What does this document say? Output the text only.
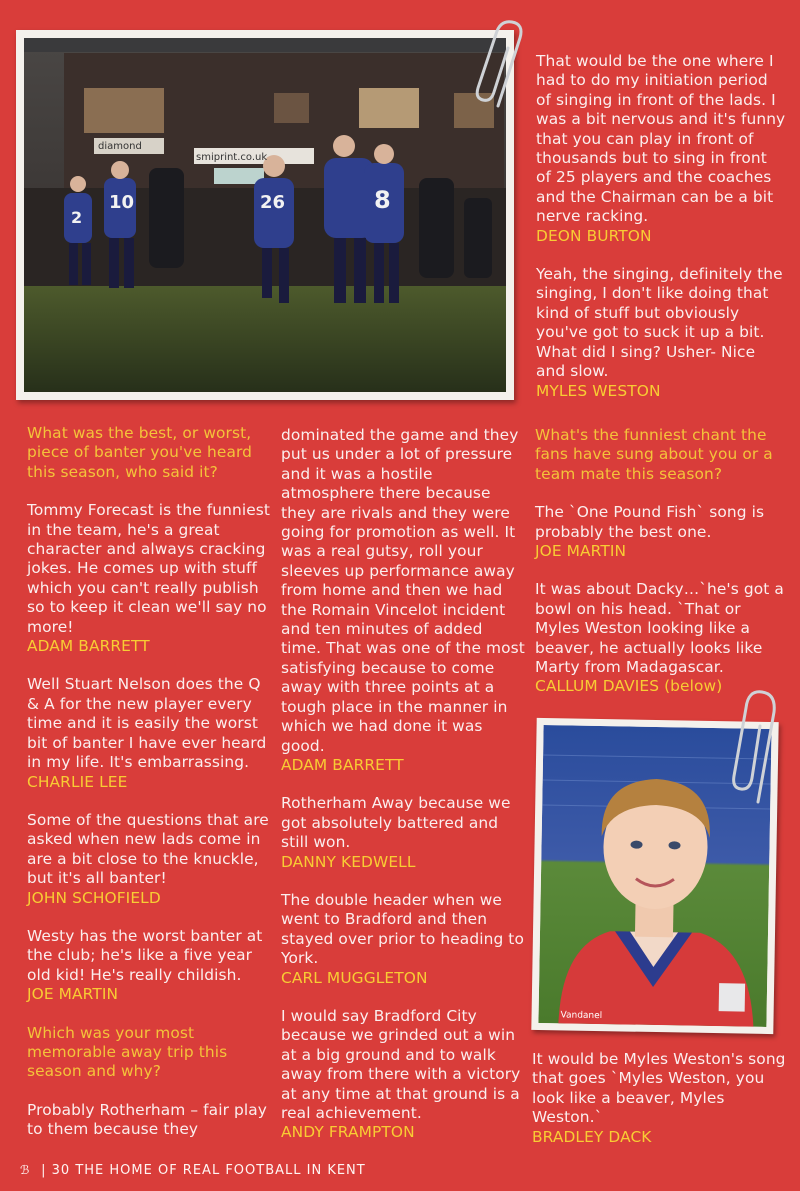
2
10	26	8
diamond
smiprint.co.uk

What was the best, or worst, piece of banter you've heard this season, who said it?

Tommy Forecast is the funniest in the team, he's a great character and always cracking jokes. He comes up with stuff which you can't really publish so to keep it clean we'll say no more!
ADAM BARRETT

Well Stuart Nelson does the Q & A for the new player every time and it is easily the worst bit of banter I have ever heard in my life. It's embarrassing.
CHARLIE LEE

Some of the questions that are asked when new lads come in are a bit close to the knuckle, but it's all banter!
JOHN SCHOFIELD

Westy has the worst banter at the club; he's like a five year old kid! He's really childish.
JOE MARTIN

Which was your most memorable away trip this season and why?

Probably Rotherham – fair play to them because they

dominated the game and they put us under a lot of pressure and it was a hostile atmosphere there because they are rivals and they were going for promotion as well. It was a real gutsy, roll your sleeves up performance away from home and then we had the Romain Vincelot incident and ten minutes of added time. That was one of the most satisfying because to come away with three points at a tough place in the manner in which we had done it was good.
ADAM BARRETT

Rotherham Away because we got absolutely battered and still won.
DANNY KEDWELL

The double header when we went to Bradford and then stayed over prior to heading to York.
CARL MUGGLETON

I would say Bradford City because we grinded out a win at a big ground and to walk away from there with a victory at any time at that ground is a real achievement.
ANDY FRAMPTON

That would be the one where I had to do my initiation period of singing in front of the lads. I was a bit nervous and it's funny that you can play in front of thousands but to sing in front of 25 players and the coaches and the Chairman can be a bit nerve racking.
DEON BURTON

Yeah, the singing, definitely the singing, I don't like doing that kind of stuff but obviously you've got to suck it up a bit. What did I sing? Usher- Nice and slow.
MYLES WESTON

What's the funniest chant the fans have sung about you or a team mate this season?

The `One Pound Fish` song is probably the best one.
JOE MARTIN

It was about Dacky…`he's got a bowl on his head. `That or Myles Weston looking like a beaver, he actually looks like Marty from Madagascar.
CALLUM DAVIES (below)

Vandanel

It would be Myles Weston's song that goes `Myles Weston, you look like a beaver, Myles Weston.`
BRADLEY DACK

ℬ | 30 THE HOME OF REAL FOOTBALL IN KENT
